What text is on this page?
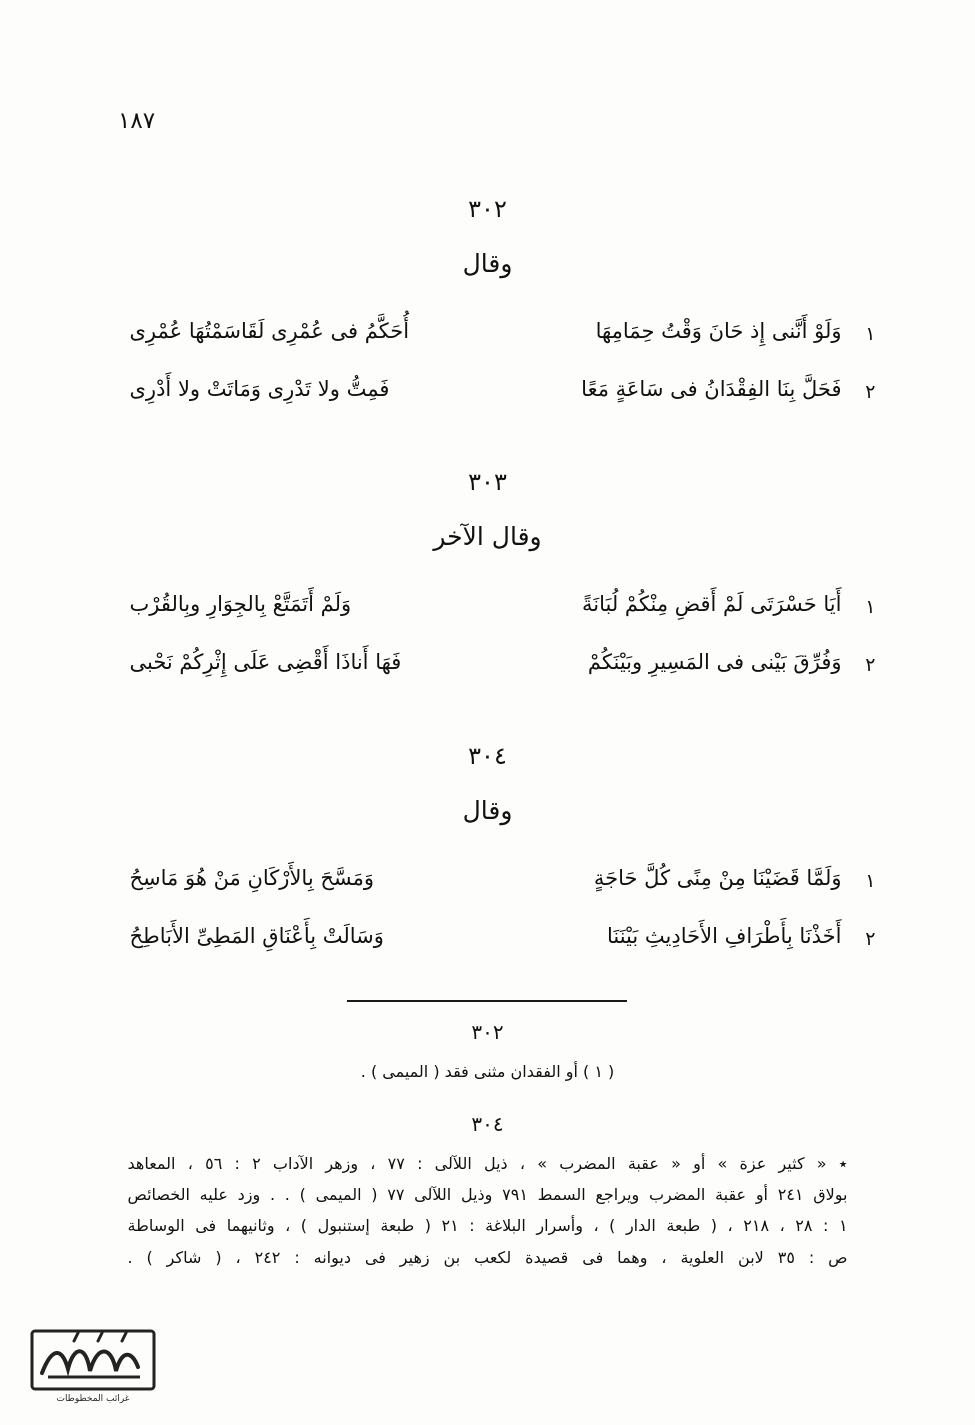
١٨٧
٣٠٢
وقال
١
وَلَوْ أَنَّنى إِذ حَانَ وَقْتُ حِمَامِهَا
أُحَكَّمُ فى عُمْرِى لَقَاسَمْتُهَا عُمْرِى
٢
فَحَلَّ بِنَا الفِقْدَانُ فى سَاعَةٍ مَعًا
فَمِتُّ ولا تَدْرِى وَمَاتَتْ ولا أَدْرِى
٣٠٣
وقال الآخر
١
أَيَا حَسْرَتَى لَمْ أَقضِ مِنْكُمْ لُبَانَةً
وَلَمْ أَتَمَتَّعْ بِالجِوَارِ وبِالقُرْب
٢
وَفُرِّقَ بَيْنى فى المَسِيرِ وبَيْنَكُمْ
فَهَا أَناذَا أَقْضِى عَلَى إِثْرِكُمْ نَحْبى
٣٠٤
وقال
١
وَلَمَّا قَضَيْنَا مِنْ مِنًى كُلَّ حَاجَةٍ
وَمَسَّحَ بِالأَرْكَانِ مَنْ هُوَ مَاسِحُ
٢
أَخَذْنَا بِأَطْرَافِ الأَحَادِيثِ بَيْنَنَا
وَسَالَتْ بِأَعْنَاقِ المَطِىِّ الأَبَاطِحُ
٣٠٢
( ١ ) أو الفقدان مثنى فقد ( الميمى ) .
٣٠٤
٭ « كثير عزة » أو « عقبة المضرب » ، ذيل اللآلى : ٧٧ ، وزهر الآداب ٢ : ٥٦ ، المعاهد
بولاق ٢٤١ أو عقبة المضرب ويراجع السمط ٧٩١ وذيل اللآلى ٧٧ ( الميمى ) . . وزد عليه الخصائص
١ : ٢٨ ، ٢١٨ ، ( طبعة الدار ) ، وأسرار البلاغة : ٢١ ( طبعة إستنبول ) ، وثانيهما فى الوساطة
ص : ٣٥ لابن العلوية ، وهما فى قصيدة لكعب بن زهير فى ديوانه : ٢٤٢ ، ( شاكر ) .
غرائب المخطوطات
